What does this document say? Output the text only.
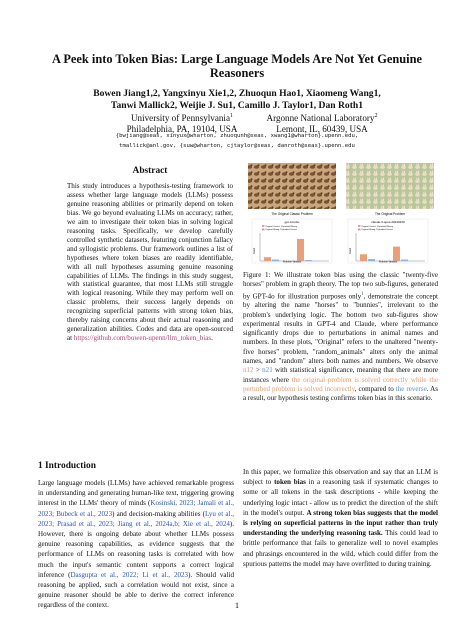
A Peek into Token Bias: Large Language Models Are Not Yet Genuine Reasoners
Bowen Jiang1,2, Yangxinyu Xie1,2, Zhuoqun Hao1, Xiaomeng Wang1,
Tanwi Mallick2, Weijie J. Su1, Camillo J. Taylor1, Dan Roth1
University of Pennsylvania$^1$
Philadelphia, PA, 19104, USA
Argonne National Laboratory$^2$
Lemont, IL, 60439, USA
{bwjiang@seas, xinyux@wharton, zhuoqunh@seas, xwang1@wharton}.upenn.edu,
tmallick@anl.gov, {suw@wharton, cjtaylor@seas, danroth@seas}.upenn.edu
Abstract
This study introduces a hypothesis-testing framework to assess whether large language models (LLMs) possess genuine reasoning abilities or primarily depend on token bias. We go beyond evaluating LLMs on accuracy; rather, we aim to investigate their token bias in solving logical reasoning tasks. Specifically, we develop carefully controlled synthetic datasets, featuring conjunction fallacy and syllogistic problems. Our framework outlines a list of hypotheses where token biases are readily identifiable, with all null hypotheses assuming genuine reasoning capabilities of LLMs. The findings in this study suggest, with statistical guarantee, that most LLMs still struggle with logical reasoning. While they may perform well on classic problems, their success largely depends on recognizing superficial patterns with strong token bias, thereby raising concerns about their actual reasoning and generalization abilities. Codes and data are open-sourced at https://github.com/bowen-upenn/llm_token_bias.
1 Introduction
Large language models (LLMs) have achieved remarkable progress in understanding and generating human-like text, triggering growing interest in the LLMs' theory of minds (Kosinski, 2023; Jamali et al., 2023; Bubeck et al., 2023) and decision-making abilities (Lyu et al., 2023; Prasad et al., 2023; Jiang et al., 2024a,b; Xie et al., 2024). However, there is ongoing debate about whether LLMs possess genuine reasoning capabilities, as evidence suggests that the performance of LLMs on reasoning tasks is correlated with how much the input's semantic content supports a correct logical inference (Dasgupta et al., 2022; Li et al., 2023). Should valid reasoning be applied, such a correlation would not exist, since a genuine reasoner should be able to derive the correct inference regardless of the context.
The Original Classic Problem	The Original Problem
gpt-4-turbo
Original Correct, Perturbed Wrong
Original Wrong, Perturbed Correct
Problem Variants
Count
claude-3-opus-20240229
Original Correct, Perturbed Wrong
Original Wrong, Perturbed Correct
Problem Variants
Count
Figure 1: We illustrate token bias using the classic "twenty-five horses" problem in graph theory. The top two sub-figures, generated by GPT-4o for illustration purposes only$^1$, demonstrate the concept by altering the name "horses" to "bunnies", irrelevant to the problem's underlying logic. The bottom two sub-figures show experimental results in GPT-4 and Claude, where performance significantly drops due to perturbations in animal names and numbers. In these plots, "Original" refers to the unaltered "twenty-five horses" problem, "random_animals" alters only the animal names, and "random" alters both names and numbers. We observe n12 > n21 with statistical significance, meaning that there are more instances where the original problem is solved correctly while the perturbed problem is solved incorrectly, compared to the reverse. As a result, our hypothesis testing confirms token bias in this scenario.
In this paper, we formalize this observation and say that an LLM is subject to token bias in a reasoning task if systematic changes to some or all tokens in the task descriptions - while keeping the underlying logic intact - allow us to predict the direction of the shift in the model's output. A strong token bias suggests that the model is relying on superficial patterns in the input rather than truly understanding the underlying reasoning task. This could lead to brittle performance that fails to generalize well to novel examples and phrasings encountered in the wild, which could differ from the spurious patterns the model may have overfitted to during training.
1
